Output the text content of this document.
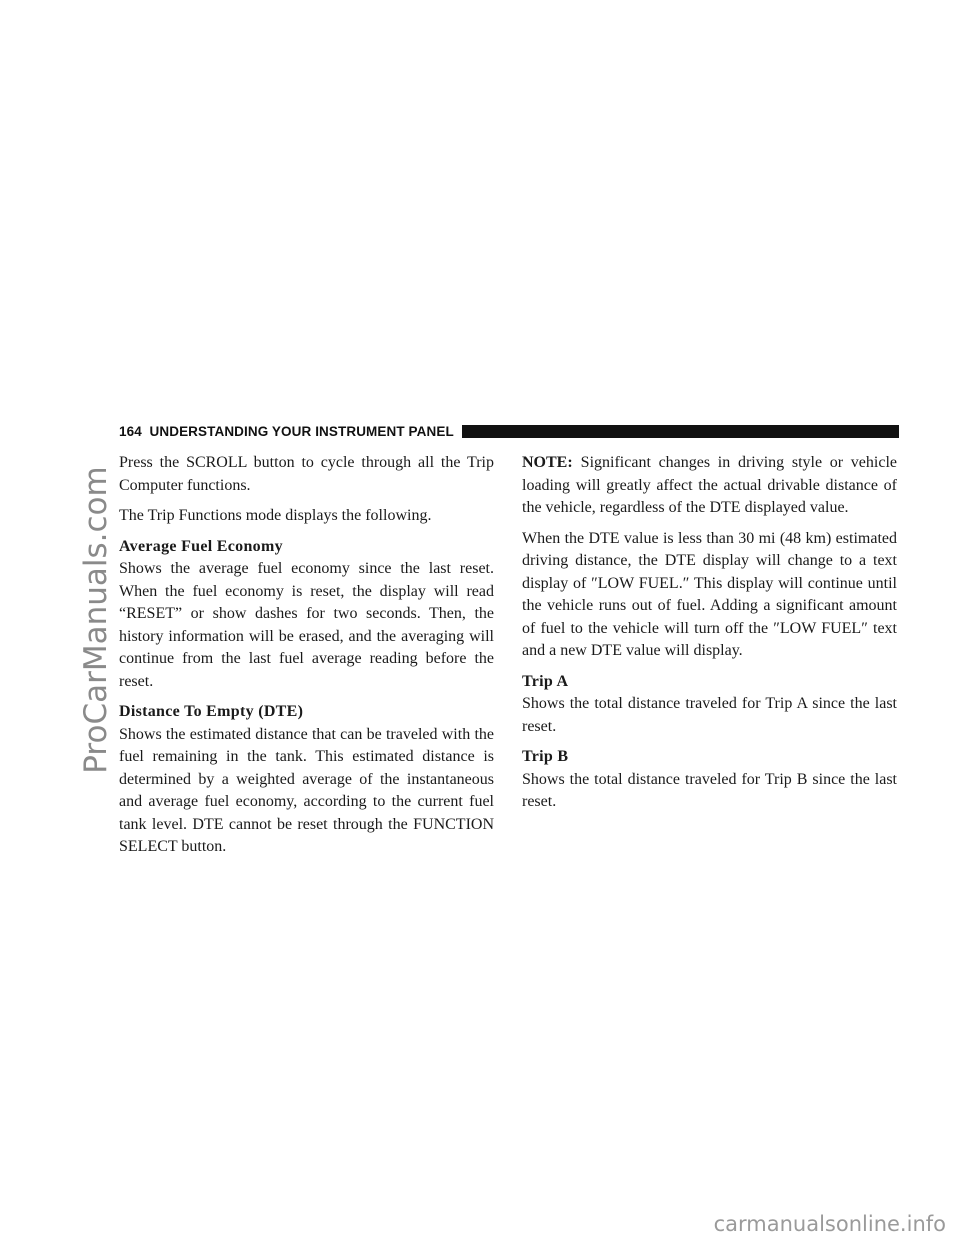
ProCarManuals.com
164 UNDERSTANDING YOUR INSTRUMENT PANEL

Press the SCROLL button to cycle through all the Trip Computer functions.

The Trip Functions mode displays the following.

Average Fuel Economy

Shows the average fuel economy since the last reset. When the fuel economy is reset, the display will read “RESET” or show dashes for two seconds. Then, the history information will be erased, and the averaging will continue from the last fuel average reading before the reset.

Distance To Empty (DTE)

Shows the estimated distance that can be traveled with the fuel remaining in the tank. This estimated distance is determined by a weighted average of the instantaneous and average fuel economy, according to the current fuel tank level. DTE cannot be reset through the FUNCTION SELECT button.

NOTE: Significant changes in driving style or vehicle loading will greatly affect the actual drivable distance of the vehicle, regardless of the DTE displayed value.

When the DTE value is less than 30 mi (48 km) estimated driving distance, the DTE display will change to a text display of ″LOW FUEL.″ This display will continue until the vehicle runs out of fuel. Adding a significant amount of fuel to the vehicle will turn off the ″LOW FUEL″ text and a new DTE value will display.

Trip A

Shows the total distance traveled for Trip A since the last reset.

Trip B

Shows the total distance traveled for Trip B since the last reset.

carmanualsonline.info
